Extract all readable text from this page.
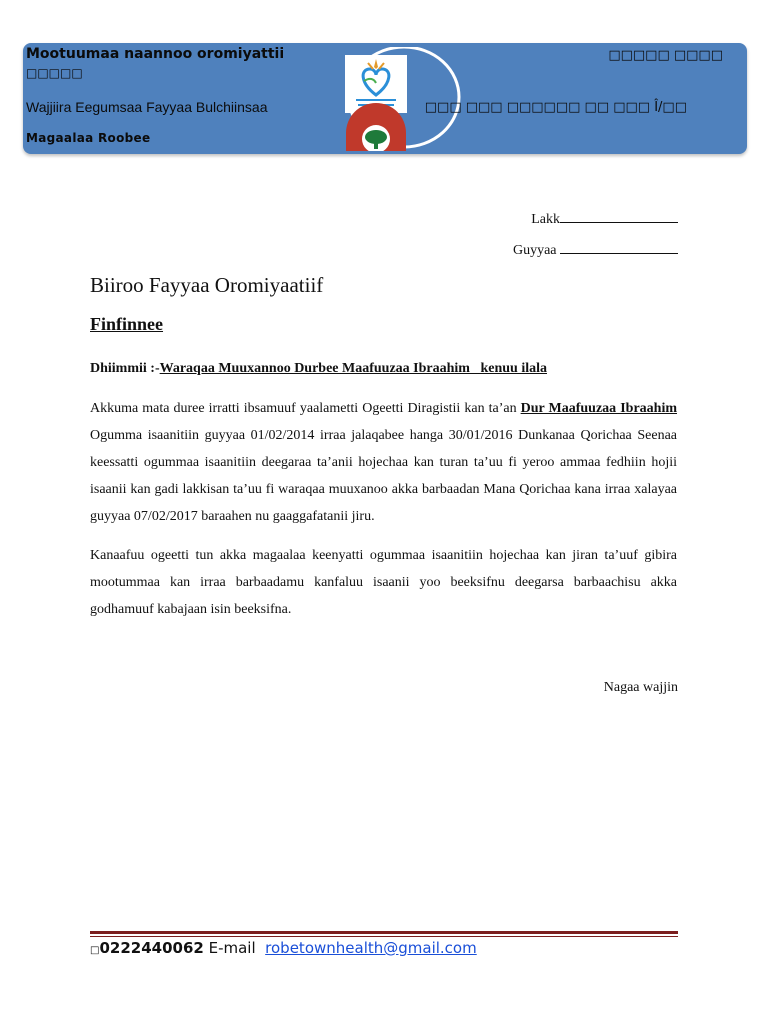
Mootuumaa naannoo oromiyattii
□□□□□
Wajjiira Eegumsaa Fayyaa Bulchiinsaa
Magaalaa Roobee
□□□□□ □□□□
□□□ □□□ □□□□□□ □□ □□□ Î/□□
Lakk
Guyyaa
Biiroo Fayyaa Oromiyaatiif
Finfinnee
Dhiimmii :-Waraqaa Muuxannoo Durbee Maafuuzaa Ibraahim   kenuu ilala
Akkuma mata duree irratti ibsamuuf yaalametti Ogeetti Diragistii kan ta’an Dur Maafuuzaa Ibraahim Ogumma isaanitiin guyyaa 01/02/2014 irraa jalaqabee hanga 30/01/2016 Dunkanaa Qorichaa Seenaa keessatti ogummaa isaanitiin deegaraa ta’anii hojechaa kan turan ta’uu fi yeroo ammaa fedhiin hojii isaanii kan gadi lakkisan ta’uu fi waraqaa muuxanoo akka barbaadan Mana Qorichaa kana irraa xalayaa guyyaa 07/02/2017 baraahen nu gaaggafatanii jiru.
Kanaafuu ogeetti tun akka magaalaa keenyatti ogummaa isaanitiin hojechaa kan jiran ta’uuf gibira mootummaa kan irraa barbaadamu kanfaluu isaanii yoo beeksifnu deegarsa barbaachisu akka godhamuuf kabajaan isin beeksifna.
Nagaa wajjin
□0222440062 E-mail  robetownhealth@gmail.com
